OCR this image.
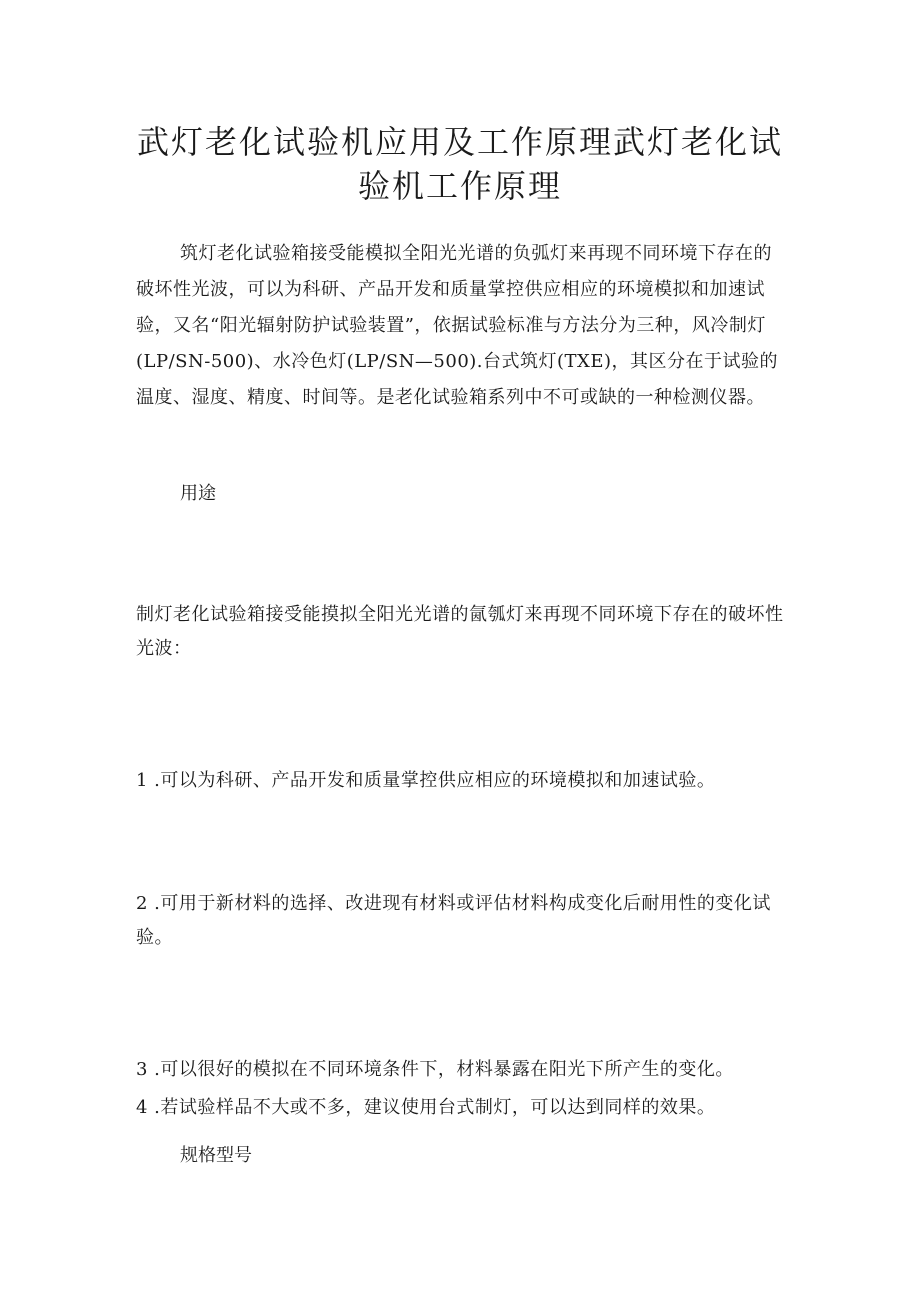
武灯老化试验机应用及工作原理武灯老化试
验机工作原理

筑灯老化试验箱接受能模拟全阳光光谱的负弧灯来再现不同环境下存在的破坏性光波，可以为科研、产品开发和质量掌控供应相应的环境模拟和加速试验，又名“阳光辐射防护试验装置”，依据试验标准与方法分为三种，风冷制灯(LP/SN-500)、水冷色灯(LP/SN—500).台式筑灯(TXE)，其区分在于试验的温度、湿度、精度、时间等。是老化试验箱系列中不可或缺的一种检测仪器。

用途

制灯老化试验箱接受能摸拟全阳光光谱的氤瓠灯来再现不同环境下存在的破坏性光波：

1 .可以为科研、产品开发和质量掌控供应相应的环境模拟和加速试验。

2 .可用于新材料的选择、改进现有材料或评估材料构成变化后耐用性的变化试验。

3 .可以很好的模拟在不同环境条件下，材料暴露在阳光下所产生的变化。

4 .若试验样品不大或不多，建议使用台式制灯，可以达到同样的效果。

规格型号
